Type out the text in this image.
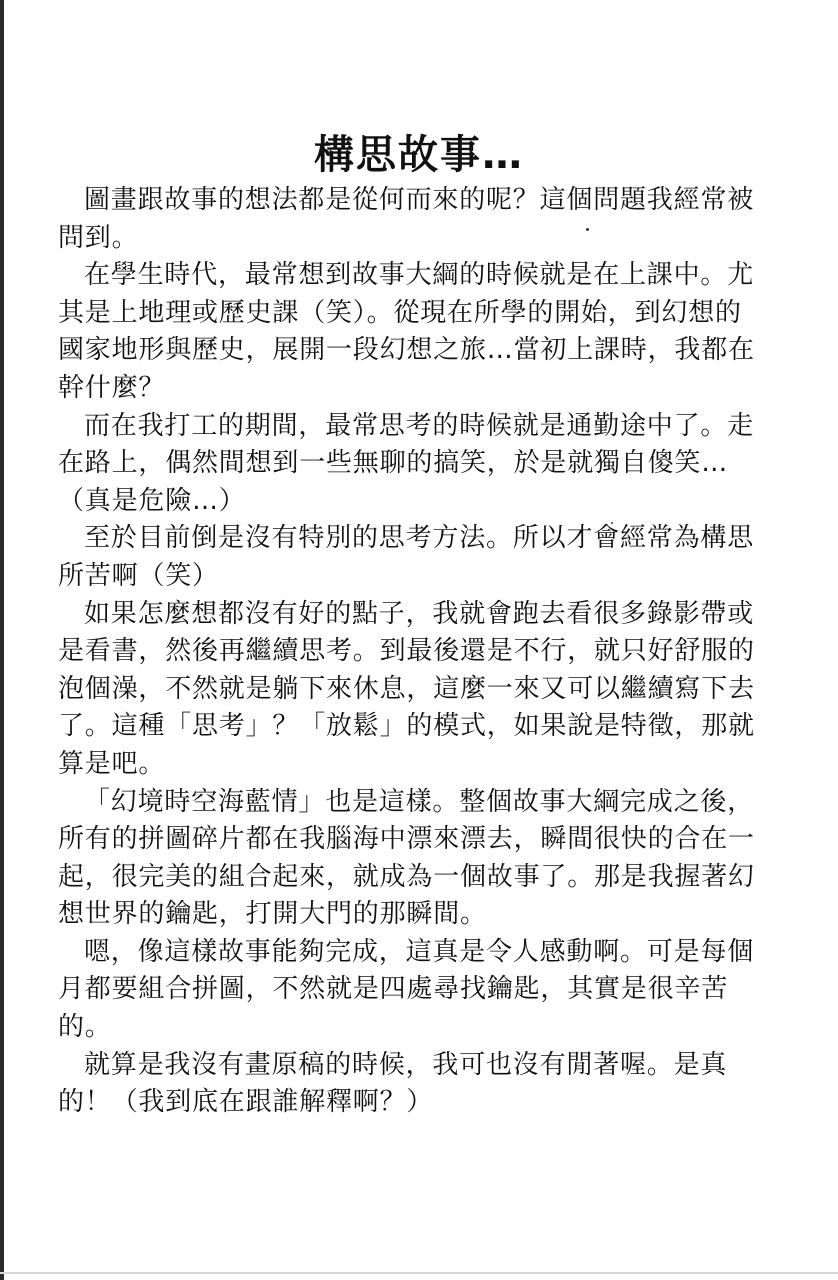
構思故事…

圖畫跟故事的想法都是從何而來的呢？這個問題我經常被問到。

在學生時代，最常想到故事大綱的時候就是在上課中。尤其是上地理或歷史課（笑）。從現在所學的開始，到幻想的國家地形與歷史，展開一段幻想之旅…當初上課時，我都在幹什麼？

而在我打工的期間，最常思考的時候就是通勤途中了。走在路上，偶然間想到一些無聊的搞笑，於是就獨自傻笑…（真是危險…）

至於目前倒是沒有特別的思考方法。所以才會經常為構思所苦啊（笑）

如果怎麼想都沒有好的點子，我就會跑去看很多錄影帶或是看書，然後再繼續思考。到最後還是不行，就只好舒服的泡個澡，不然就是躺下來休息，這麼一來又可以繼續寫下去了。這種「思考」？「放鬆」的模式，如果說是特徵，那就算是吧。

「幻境時空海藍情」也是這樣。整個故事大綱完成之後，所有的拼圖碎片都在我腦海中漂來漂去，瞬間很快的合在一起，很完美的組合起來，就成為一個故事了。那是我握著幻想世界的鑰匙，打開大門的那瞬間。

嗯，像這樣故事能夠完成，這真是令人感動啊。可是每個月都要組合拼圖，不然就是四處尋找鑰匙，其實是很辛苦的。

就算是我沒有畫原稿的時候，我可也沒有閒著喔。是真的！（我到底在跟誰解釋啊？）
